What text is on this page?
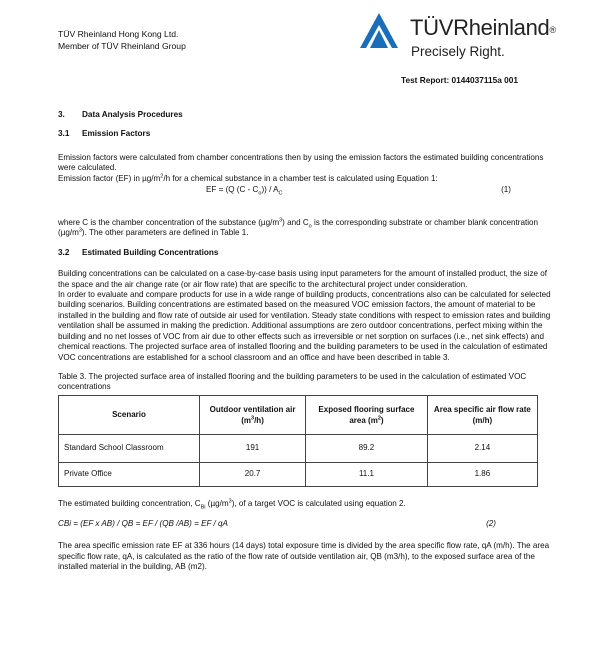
TÜV Rheinland Hong Kong Ltd.
Member of TÜV Rheinland Group
TÜVRheinland®
Precisely Right.
Test Report: 0144037115a 001
3.	Data Analysis Procedures
3.1 Emission Factors

Emission factors were calculated from chamber concentrations then by using the emission factors the estimated building concentrations were calculated.

Emission factor (EF) in $\mu g/m^2/h$ for a chemical substance in a chamber test is calculated using Equation 1:

EF = (Q $(C - C_o)) / A_C$	(1)

where C is the chamber concentration of the substance $(\mu g/m^3)$ and $C_o$ is the corresponding substrate or chamber blank concentration $(\mu g/m^3)$. The other parameters are defined in Table 1.

3.2 Estimated Building Concentrations

Building concentrations can be calculated on a case-by-case basis using input parameters for the amount of installed product, the size of the space and the air change rate (or air flow rate) that are specific to the architectural project under consideration.

In order to evaluate and compare products for use in a wide range of building products, concentrations also can be calculated for selected building scenarios. Building concentrations are estimated based on the measured VOC emission factors, the amount of material to be installed in the building and flow rate of outside air used for ventilation. Steady state conditions with respect to emission rates and building ventilation shall be assumed in making the prediction. Additional assumptions are zero outdoor concentrations, perfect mixing within the building and no net losses of VOC from air due to other effects such as irreversible or net sorption on surfaces (i.e., net sink effects) and chemical reactions. The projected surface area of installed flooring and the building parameters to be used in the calculation of estimated VOC concentrations are established for a school classroom and an office and have been described in table 3.

Table 3. The projected surface area of installed flooring and the building parameters to be used in the calculation of estimated VOC concentrations

Scenario	Outdoor ventilation air $(m^3/h)$	Exposed flooring surface area $(m^2)$	Area specific air flow rate (m/h)
Standard School Classroom	191	89.2	2.14
Private Office	20.7	11.1	1.86

The estimated building concentration, $C_{Bi}$ $(\mu g/m^3)$, of a target VOC is calculated using equation 2.

CBi = (EF x AB) / QB = EF / (QB /AB) = EF / qA	(2)

The area specific emission rate EF at 336 hours (14 days) total exposure time is divided by the area specific flow rate, qA (m/h). The area specific flow rate, qA, is calculated as the ratio of the flow rate of outside ventilation air, QB (m3/h), to the exposed surface area of the installed material in the building, AB (m2).
